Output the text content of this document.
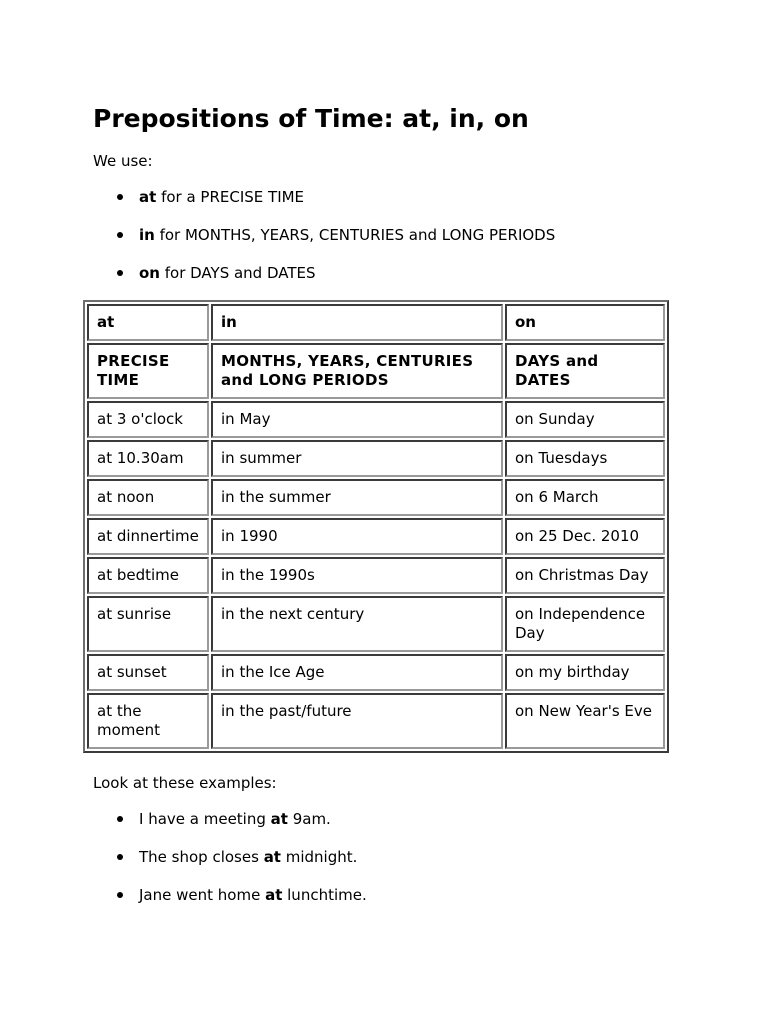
Prepositions of Time: at, in, on

We use:

at for a PRECISE TIME
in for MONTHS, YEARS, CENTURIES and LONG PERIODS
on for DAYS and DATES
at	in	on
PRECISE TIME	MONTHS, YEARS, CENTURIES and LONG PERIODS	DAYS and DATES
at 3 o'clock	in May	on Sunday
at 10.30am	in summer	on Tuesdays
at noon	in the summer	on 6 March
at dinnertime	in 1990	on 25 Dec. 2010
at bedtime	in the 1990s	on Christmas Day
at sunrise	in the next century	on Independence Day
at sunset	in the Ice Age	on my birthday
at the moment	in the past/future	on New Year's Eve

Look at these examples:

I have a meeting at 9am.
The shop closes at midnight.
Jane went home at lunchtime.
